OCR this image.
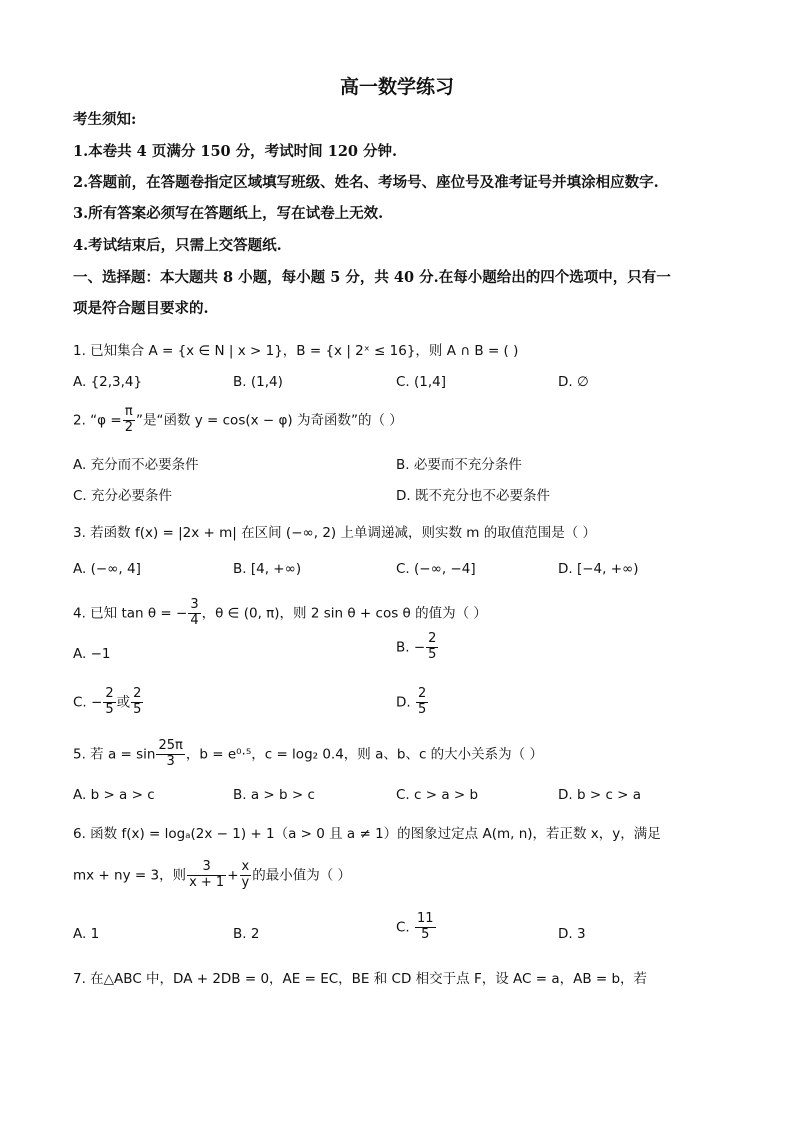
高一数学练习
考生须知:
1.本卷共 4 页满分 150 分，考试时间 120 分钟.
2.答题前，在答题卷指定区域填写班级、姓名、考场号、座位号及准考证号并填涂相应数字.
3.所有答案必须写在答题纸上，写在试卷上无效.
4.考试结束后，只需上交答题纸.
一、选择题：本大题共 8 小题，每小题 5 分，共 40 分.在每小题给出的四个选项中，只有一
项是符合题目要求的.
1. 已知集合 A = {x ∈ N | x > 1}，B = {x | 2ˣ ≤ 16}，则 A ∩ B = ( )
A. {2,3,4}	B. (1,4)	C. (1,4]	D. ∅
2. “$\varphi = \frac{\pi}{2}$ ”是“函数 y = cos(x − φ) 为奇函数”的（ ）
A. 充分而不必要条件	B. 必要而不充分条件
C. 充分必要条件	D. 既不充分也不必要条件
3. 若函数 f(x) = |2x + m| 在区间 (−∞, 2) 上单调递减，则实数 m 的取值范围是（ ）
A. (−∞, 4]	B. [4, +∞)	C. (−∞, −4]	D. [−4, +∞)
4. 已知 tan θ = − $\frac{3}{4}$ ，θ ∈ (0, π)，则 2 sin θ + cos θ 的值为（ ）
A. −1	B. − $\frac{2}{5}$
C. − $\frac{2}{5}$ 或 $\frac{2}{5}$	D. $\frac{2}{5}$
5. 若 $a = \sin \frac{25\pi}{3}$ ，b = e⁰·⁵，c = log₂ 0.4，则 a、b、c 的大小关系为（ ）
A. b > a > c	B. a > b > c	C. c > a > b	D. b > c > a
6. 函数 f(x) = logₐ(2x − 1) + 1（a > 0 且 a ≠ 1）的图象过定点 A(m, n)，若正数 x，y，满足
mx + ny = 3，则 $\frac{3}{x + 1} + \frac{x}{y}$ 的最小值为（ ）
A. 1	B. 2	C. $\frac{11}{5}$	D. 3
7. 在△ABC 中，DA + 2DB = 0，AE = EC，BE 和 CD 相交于点 F，设 AC = a，AB = b，若
